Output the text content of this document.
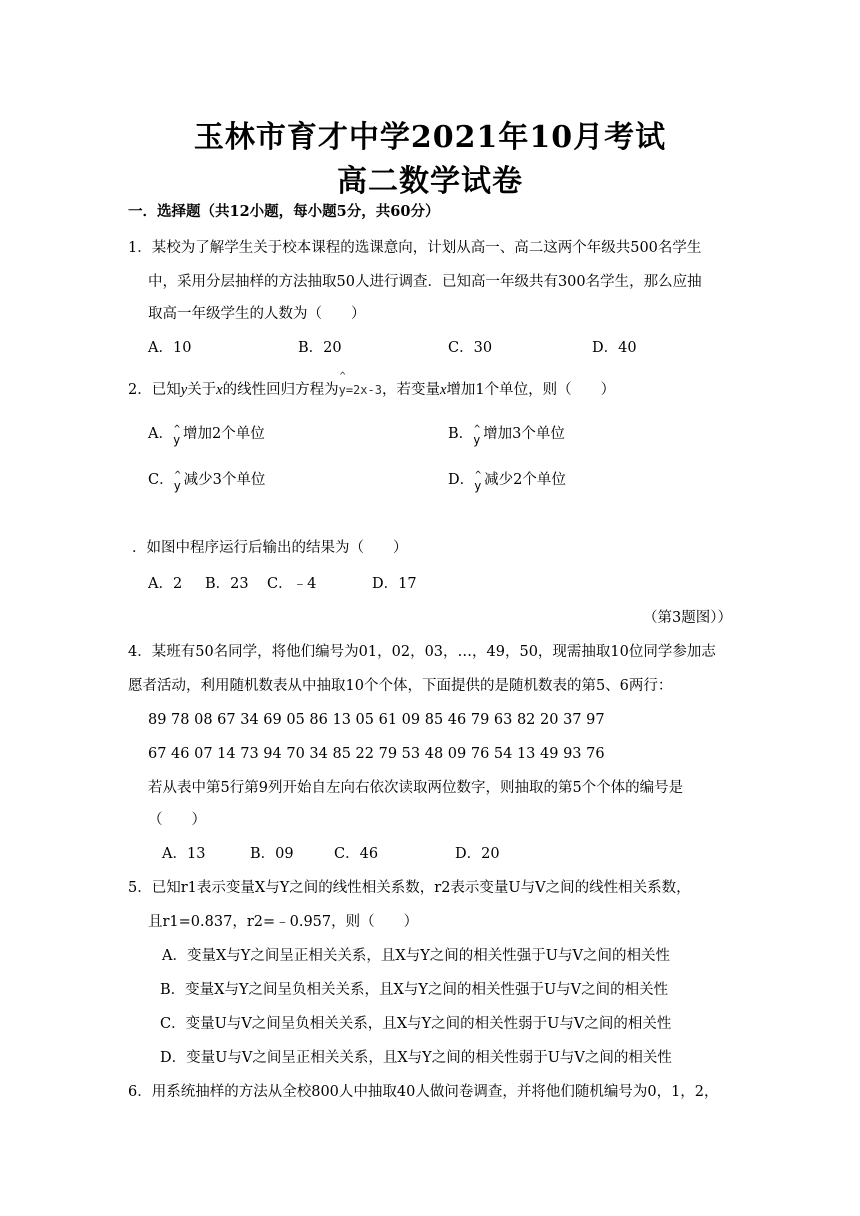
玉林市育才中学2021年10月考试
高二数学试卷
一．选择题（共12小题，每小题5分，共60分）
1．某校为了解学生关于校本课程的选课意向，计划从高一、高二这两个年级共500名学生
中，采用分层抽样的方法抽取50人进行调查．已知高一年级共有300名学生，那么应抽
取高一年级学生的人数为（　　）
A．10	B．20	C．30	D．40
2．已知y关于x的线性回归方程为
^
y=2x-3，若变量x增加1个单位，则（　　）
A． ^
y 增加2个单位	B． ^
y 增加3个单位
C． ^
y 减少3个单位	D． ^
y 减少2个单位
．如图中程序运行后输出的结果为（　　）
A．2 B．23 C．﹣4	D．17
（第3题图））
4．某班有50名同学，将他们编号为01，02，03，…，49，50，现需抽取10位同学参加志
愿者活动，利用随机数表从中抽取10个个体，下面提供的是随机数表的第5、6两行：
89 78 08 67 34 69 05 86 13 05 61 09 85 46 79 63 82 20 37 97
67 46 07 14 73 94 70 34 85 22 79 53 48 09 76 54 13 49 93 76
若从表中第5行第9列开始自左向右依次读取两位数字，则抽取的第5个个体的编号是
（　　）
A．13	B．09	C．46	D．20
5．已知r1表示变量X与Y之间的线性相关系数，r2表示变量U与V之间的线性相关系数，
且r1=0.837，r2=﹣0.957，则（　　）
A．变量X与Y之间呈正相关关系，且X与Y之间的相关性强于U与V之间的相关性
B．变量X与Y之间呈负相关关系，且X与Y之间的相关性强于U与V之间的相关性
C．变量U与V之间呈负相关关系，且X与Y之间的相关性弱于U与V之间的相关性
D．变量U与V之间呈正相关关系，且X与Y之间的相关性弱于U与V之间的相关性
6．用系统抽样的方法从全校800人中抽取40人做问卷调查，并将他们随机编号为0，1，2，
